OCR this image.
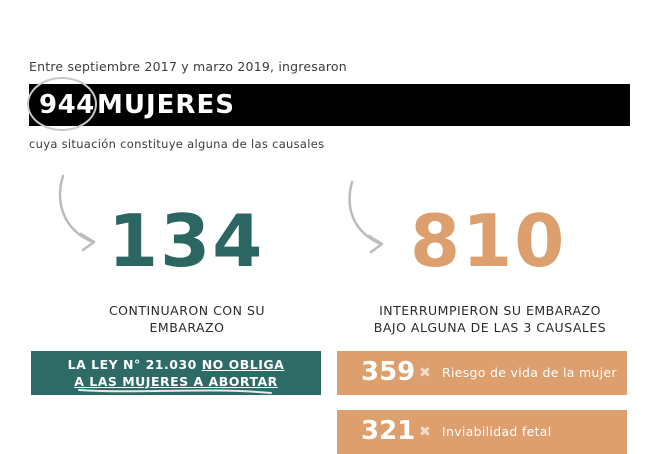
Entre septiembre 2017 y marzo 2019, ingresaron
944 MUJERES
cuya situación constituye alguna de las causales
134 810
CONTINUARON CON SU
EMBARAZO
INTERRUMPIERON SU EMBARAZO
BAJO ALGUNA DE LAS 3 CAUSALES
LA LEY N° 21.030 NO OBLIGA
A LAS MUJERES A ABORTAR	359 ✖ Riesgo de vida de la mujer
321 ✖ Inviabilidad fetal
